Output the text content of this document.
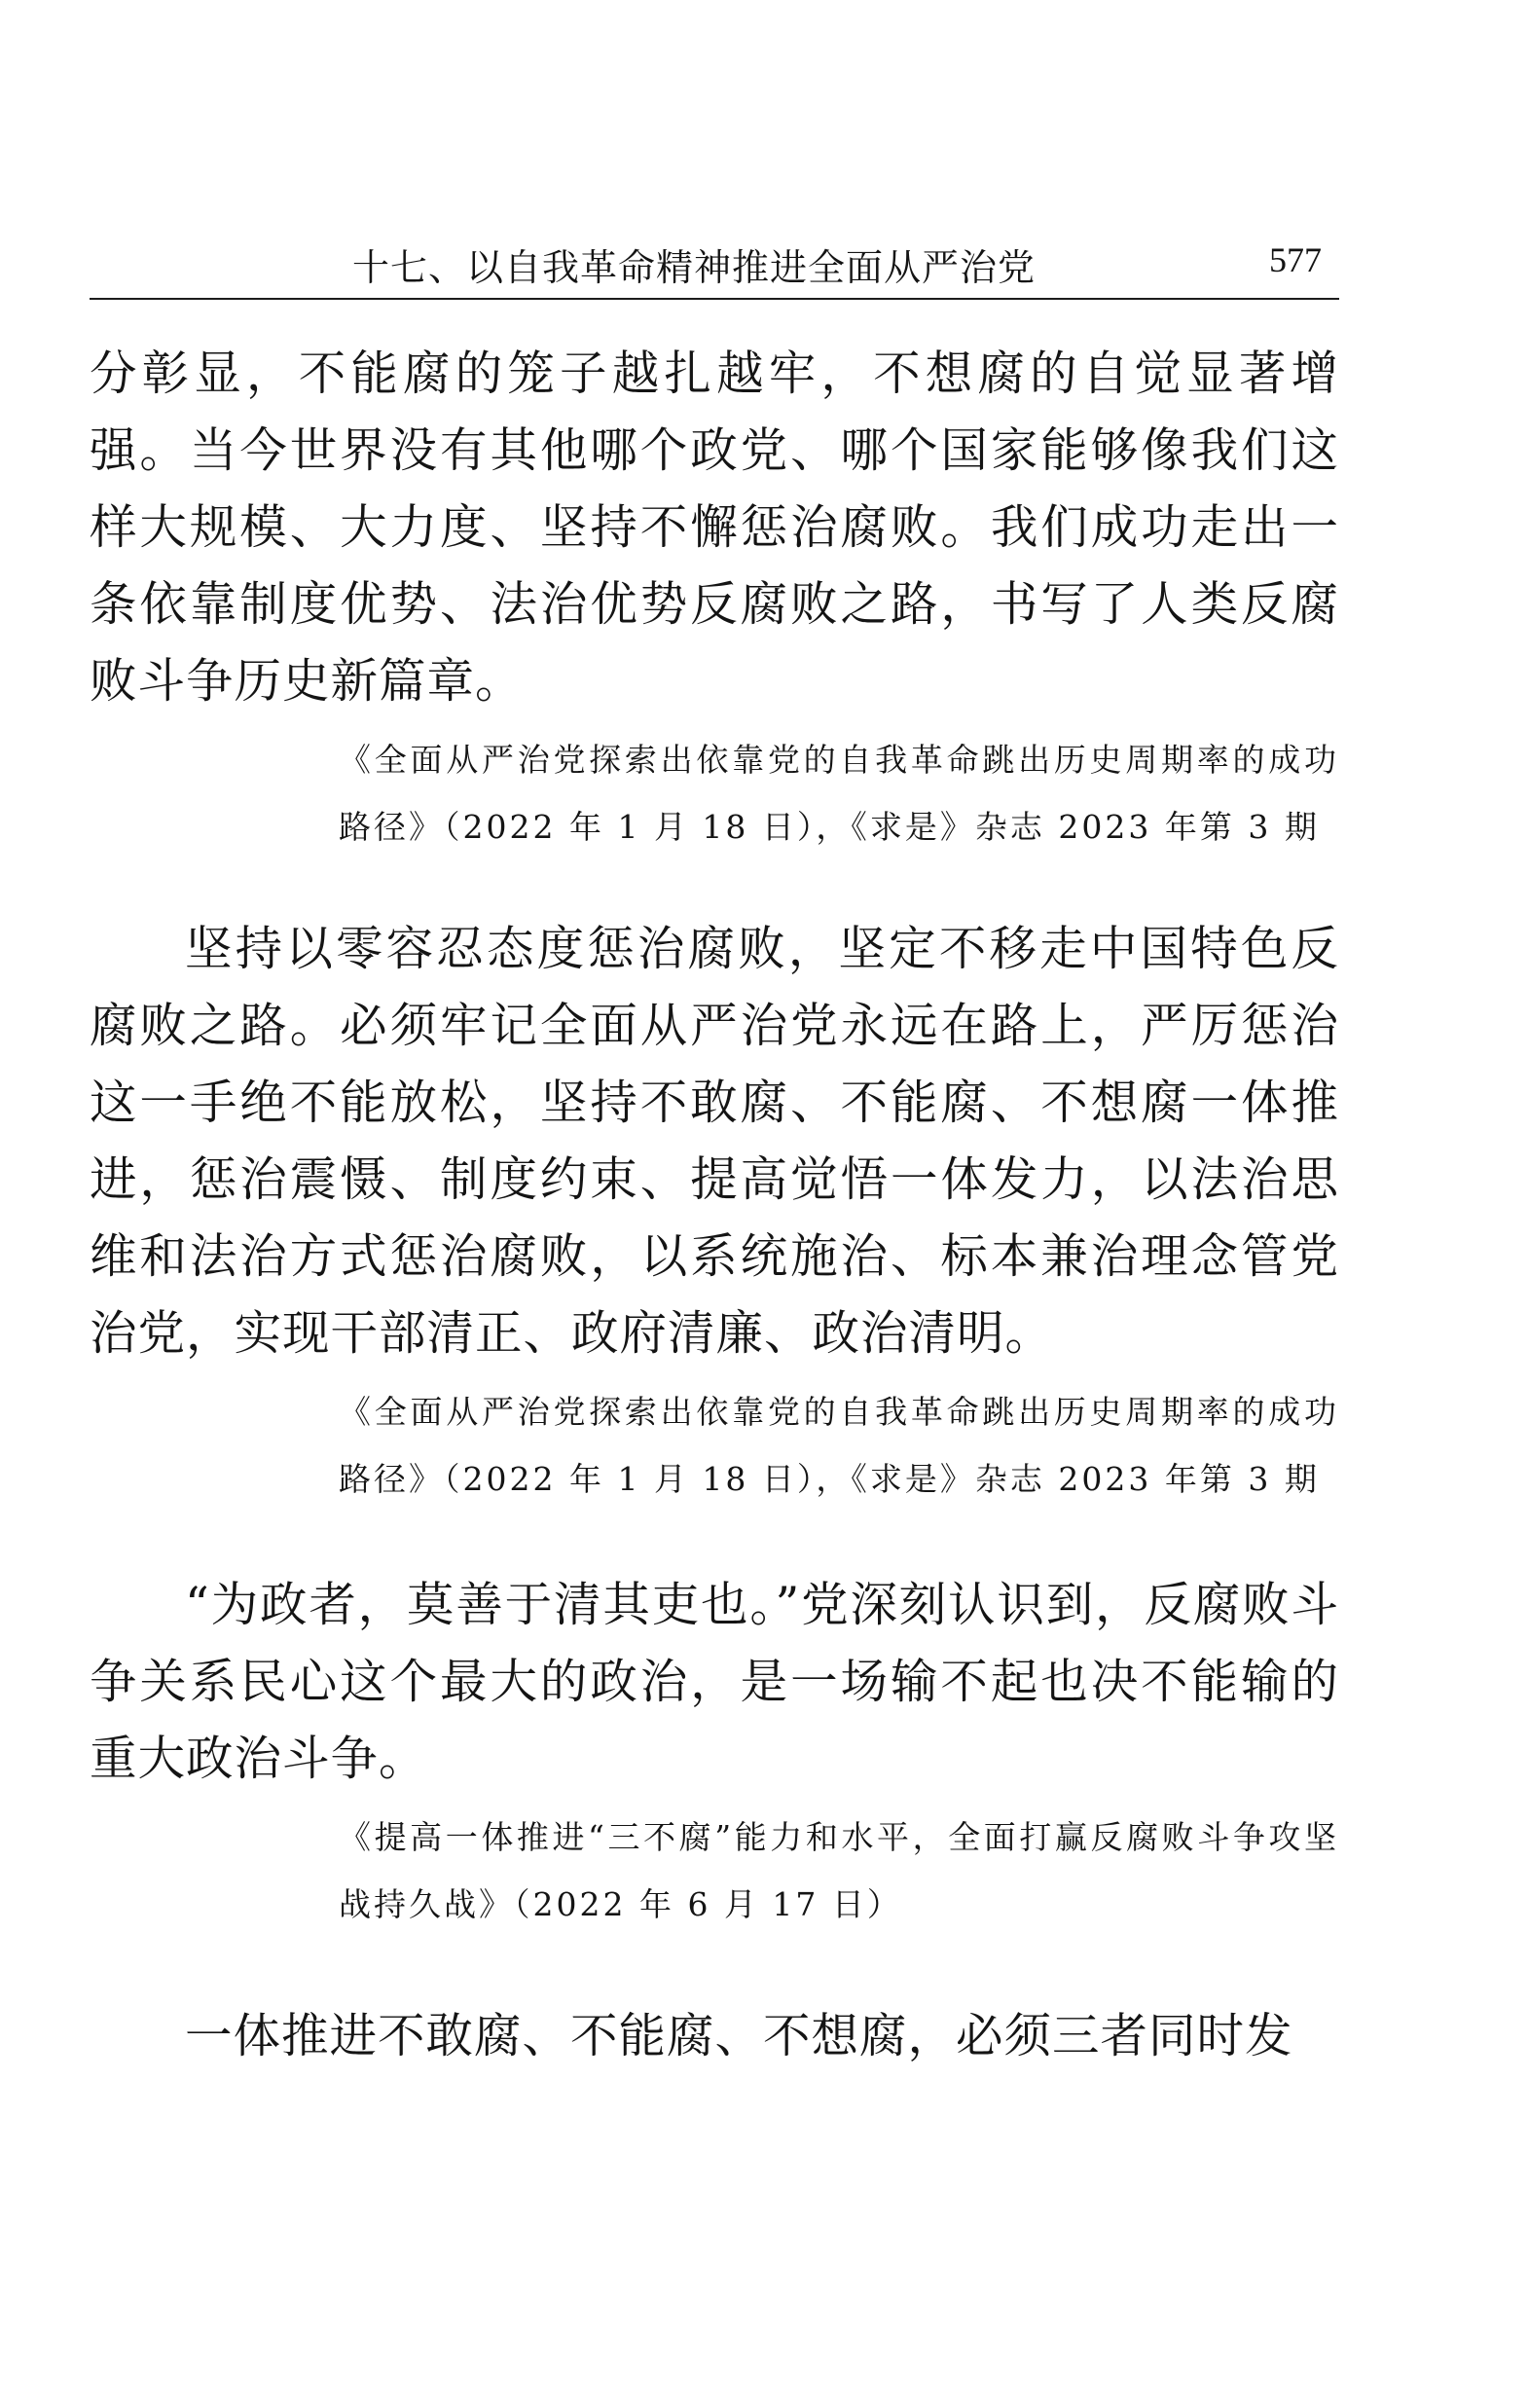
十七、以自我革命精神推进全面从严治党	577

分彰显，不能腐的笼子越扎越牢，不想腐的自觉显著增强。当今世界没有其他哪个政党、哪个国家能够像我们这样大规模、大力度、坚持不懈惩治腐败。我们成功走出一条依靠制度优势、法治优势反腐败之路，书写了人类反腐败斗争历史新篇章。

《全面从严治党探索出依靠党的自我革命跳出历史周期率的成功路径》（2022 年 1 月 18 日），《求是》杂志 2023 年第 3 期

坚持以零容忍态度惩治腐败，坚定不移走中国特色反腐败之路。必须牢记全面从严治党永远在路上，严厉惩治这一手绝不能放松，坚持不敢腐、不能腐、不想腐一体推进，惩治震慑、制度约束、提高觉悟一体发力，以法治思维和法治方式惩治腐败，以系统施治、标本兼治理念管党治党，实现干部清正、政府清廉、政治清明。

《全面从严治党探索出依靠党的自我革命跳出历史周期率的成功路径》（2022 年 1 月 18 日），《求是》杂志 2023 年第 3 期

“为政者，莫善于清其吏也。”党深刻认识到，反腐败斗争关系民心这个最大的政治，是一场输不起也决不能输的重大政治斗争。

《提高一体推进“三不腐”能力和水平，全面打赢反腐败斗争攻坚战持久战》（2022 年 6 月 17 日）

一体推进不敢腐、不能腐、不想腐，必须三者同时发
